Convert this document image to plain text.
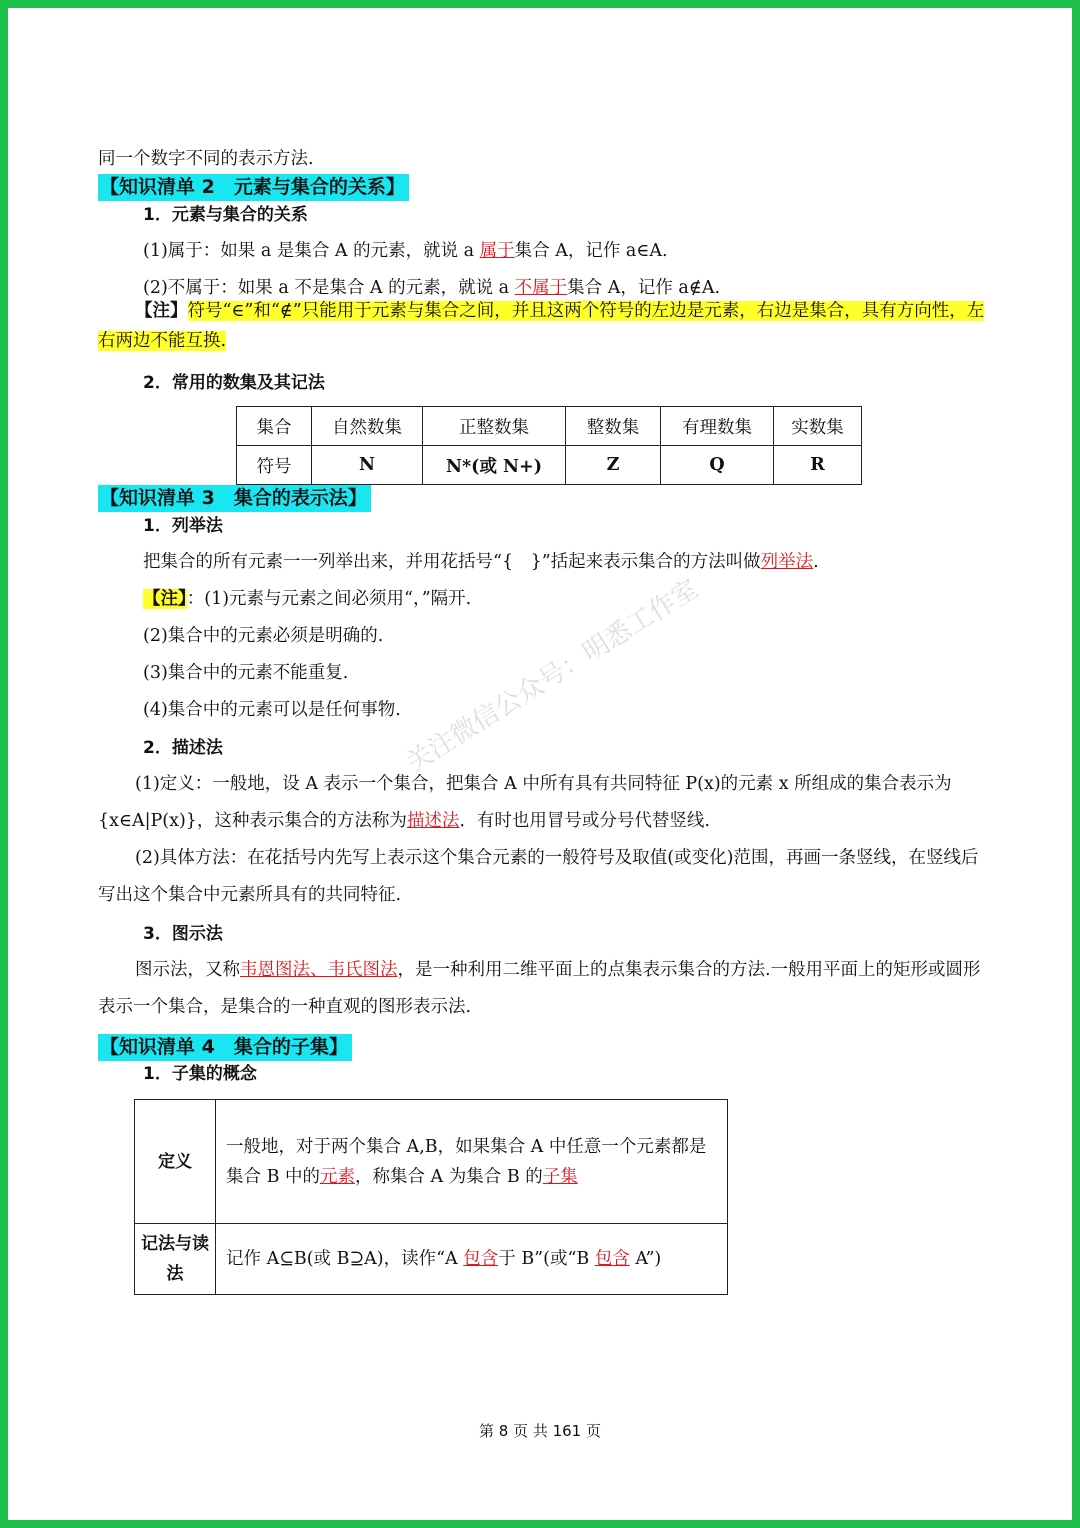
同一个数字不同的表示方法.
【知识清单 2　元素与集合的关系】
1．元素与集合的关系
(1)属于：如果 a 是集合 A 的元素，就说 a 属于集合 A，记作 a∈A.
(2)不属于：如果 a 不是集合 A 的元素，就说 a 不属于集合 A，记作 a∉A.
【注】符号“∈”和“∉”只能用于元素与集合之间，并且这两个符号的左边是元素，右边是集合，具有方向性，左右两边不能互换.
2．常用的数集及其记法
集合	自然数集	正整数集	整数集	有理数集	实数集
符号	N	N*(或 N+)	Z	Q	R
【知识清单 3　集合的表示法】
1．列举法
把集合的所有元素一一列举出来，并用花括号“{　}”括起来表示集合的方法叫做列举法.
【注】：(1)元素与元素之间必须用“，”隔开.
(2)集合中的元素必须是明确的.
(3)集合中的元素不能重复.
(4)集合中的元素可以是任何事物.
2．描述法
(1)定义：一般地，设 A 表示一个集合，把集合 A 中所有具有共同特征 P(x)的元素 x 所组成的集合表示为{x∈A|P(x)}，这种表示集合的方法称为描述法．有时也用冒号或分号代替竖线.
(2)具体方法：在花括号内先写上表示这个集合元素的一般符号及取值(或变化)范围，再画一条竖线，在竖线后写出这个集合中元素所具有的共同特征.
3．图示法
图示法，又称韦恩图法、韦氏图法，是一种利用二维平面上的点集表示集合的方法.一般用平面上的矩形或圆形表示一个集合，是集合的一种直观的图形表示法.
【知识清单 4　集合的子集】
1．子集的概念
定义	一般地，对于两个集合 A,B，如果集合 A 中任意一个元素都是集合 B 中的元素，称集合 A 为集合 B 的子集
记法与读法	记作 A⊆B(或 B⊇A)，读作“A 包含于 B”(或“B 包含 A”)
关注微信公众号：明悉工作室
第 8 页 共 161 页
